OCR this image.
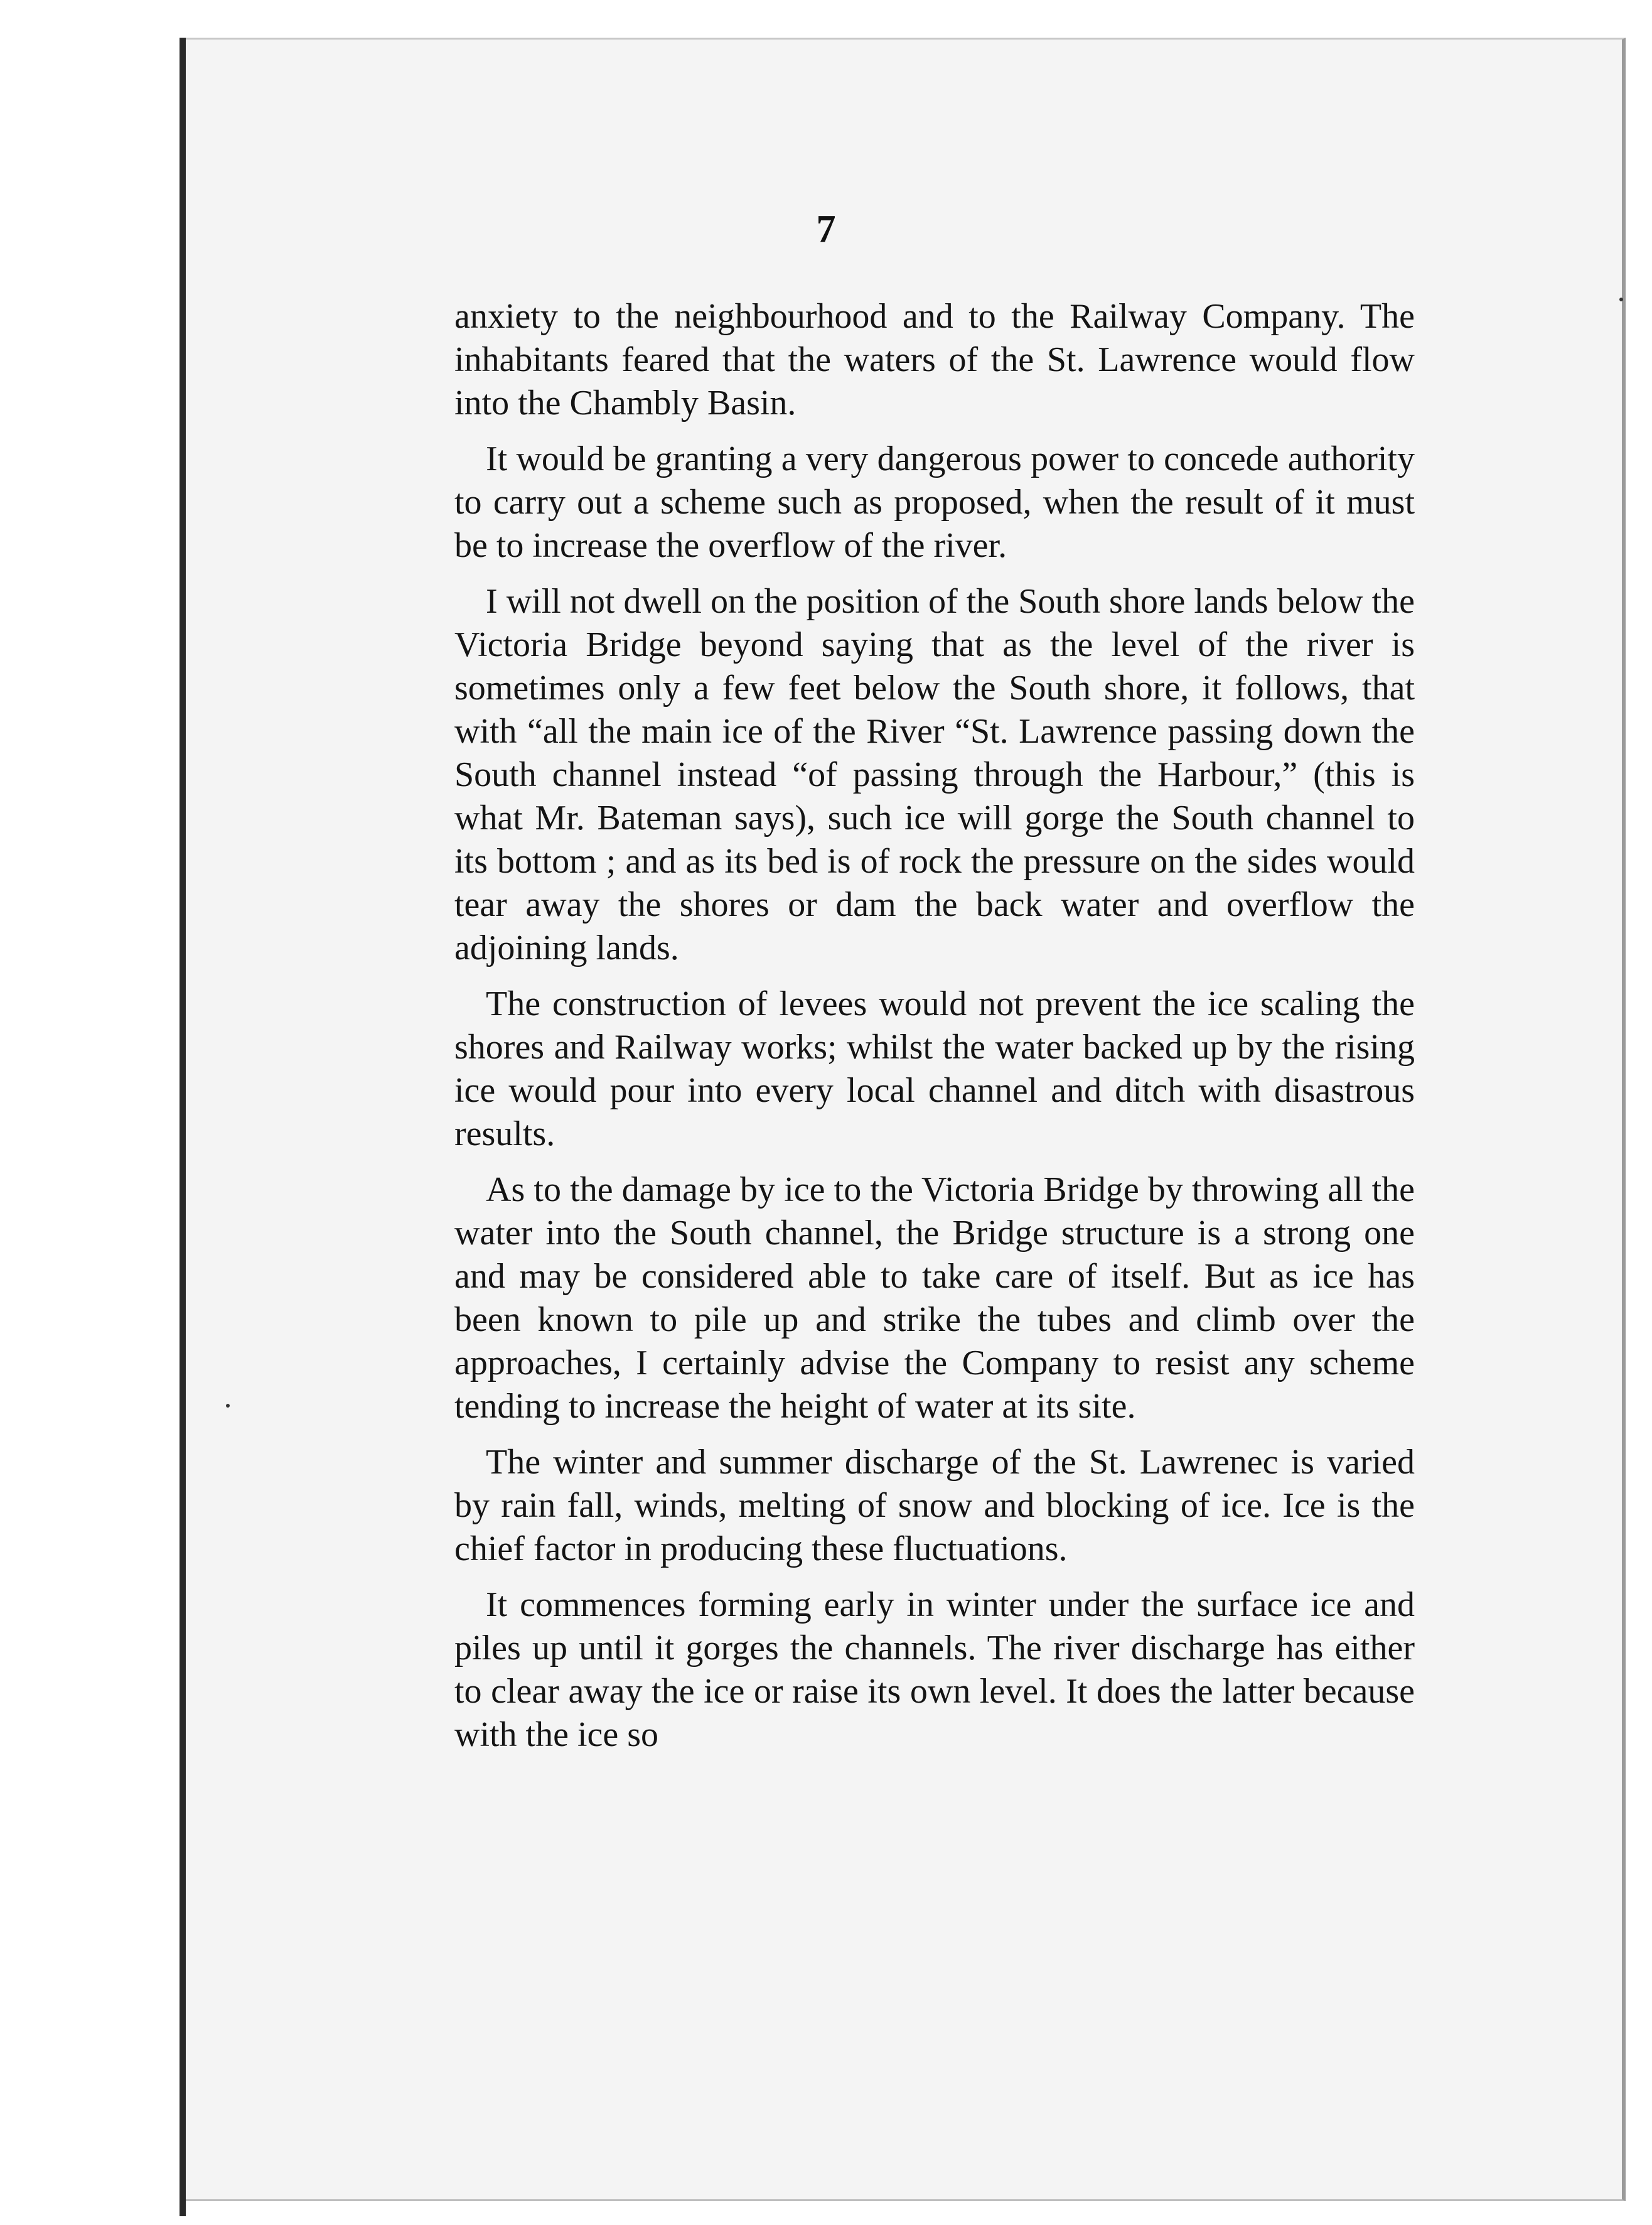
7

anxiety to the neighbourhood and to the Railway Company. The inhabitants feared that the waters of the St. Lawrence would flow into the Chambly Basin.

It would be granting a very dangerous power to concede authority to carry out a scheme such as proposed, when the result of it must be to increase the overflow of the river.

I will not dwell on the position of the South shore lands below the Victoria Bridge beyond saying that as the level of the river is sometimes only a few feet below the South shore, it follows, that with “all the main ice of the River “St. Lawrence passing down the South channel instead “of passing through the Harbour,” (this is what Mr. Bateman says), such ice will gorge the South channel to its bottom ; and as its bed is of rock the pressure on the sides would tear away the shores or dam the back water and overflow the adjoining lands.

The construction of levees would not prevent the ice scaling the shores and Railway works; whilst the water backed up by the rising ice would pour into every local channel and ditch with disastrous results.

As to the damage by ice to the Victoria Bridge by throwing all the water into the South channel, the Bridge structure is a strong one and may be considered able to take care of itself. But as ice has been known to pile up and strike the tubes and climb over the approaches, I certainly advise the Company to resist any scheme tending to increase the height of water at its site.

The winter and summer discharge of the St. Lawrenec is varied by rain fall, winds, melting of snow and blocking of ice. Ice is the chief factor in producing these fluctuations.

It commences forming early in winter under the surface ice and piles up until it gorges the channels. The river discharge has either to clear away the ice or raise its own level. It does the latter because with the ice so
